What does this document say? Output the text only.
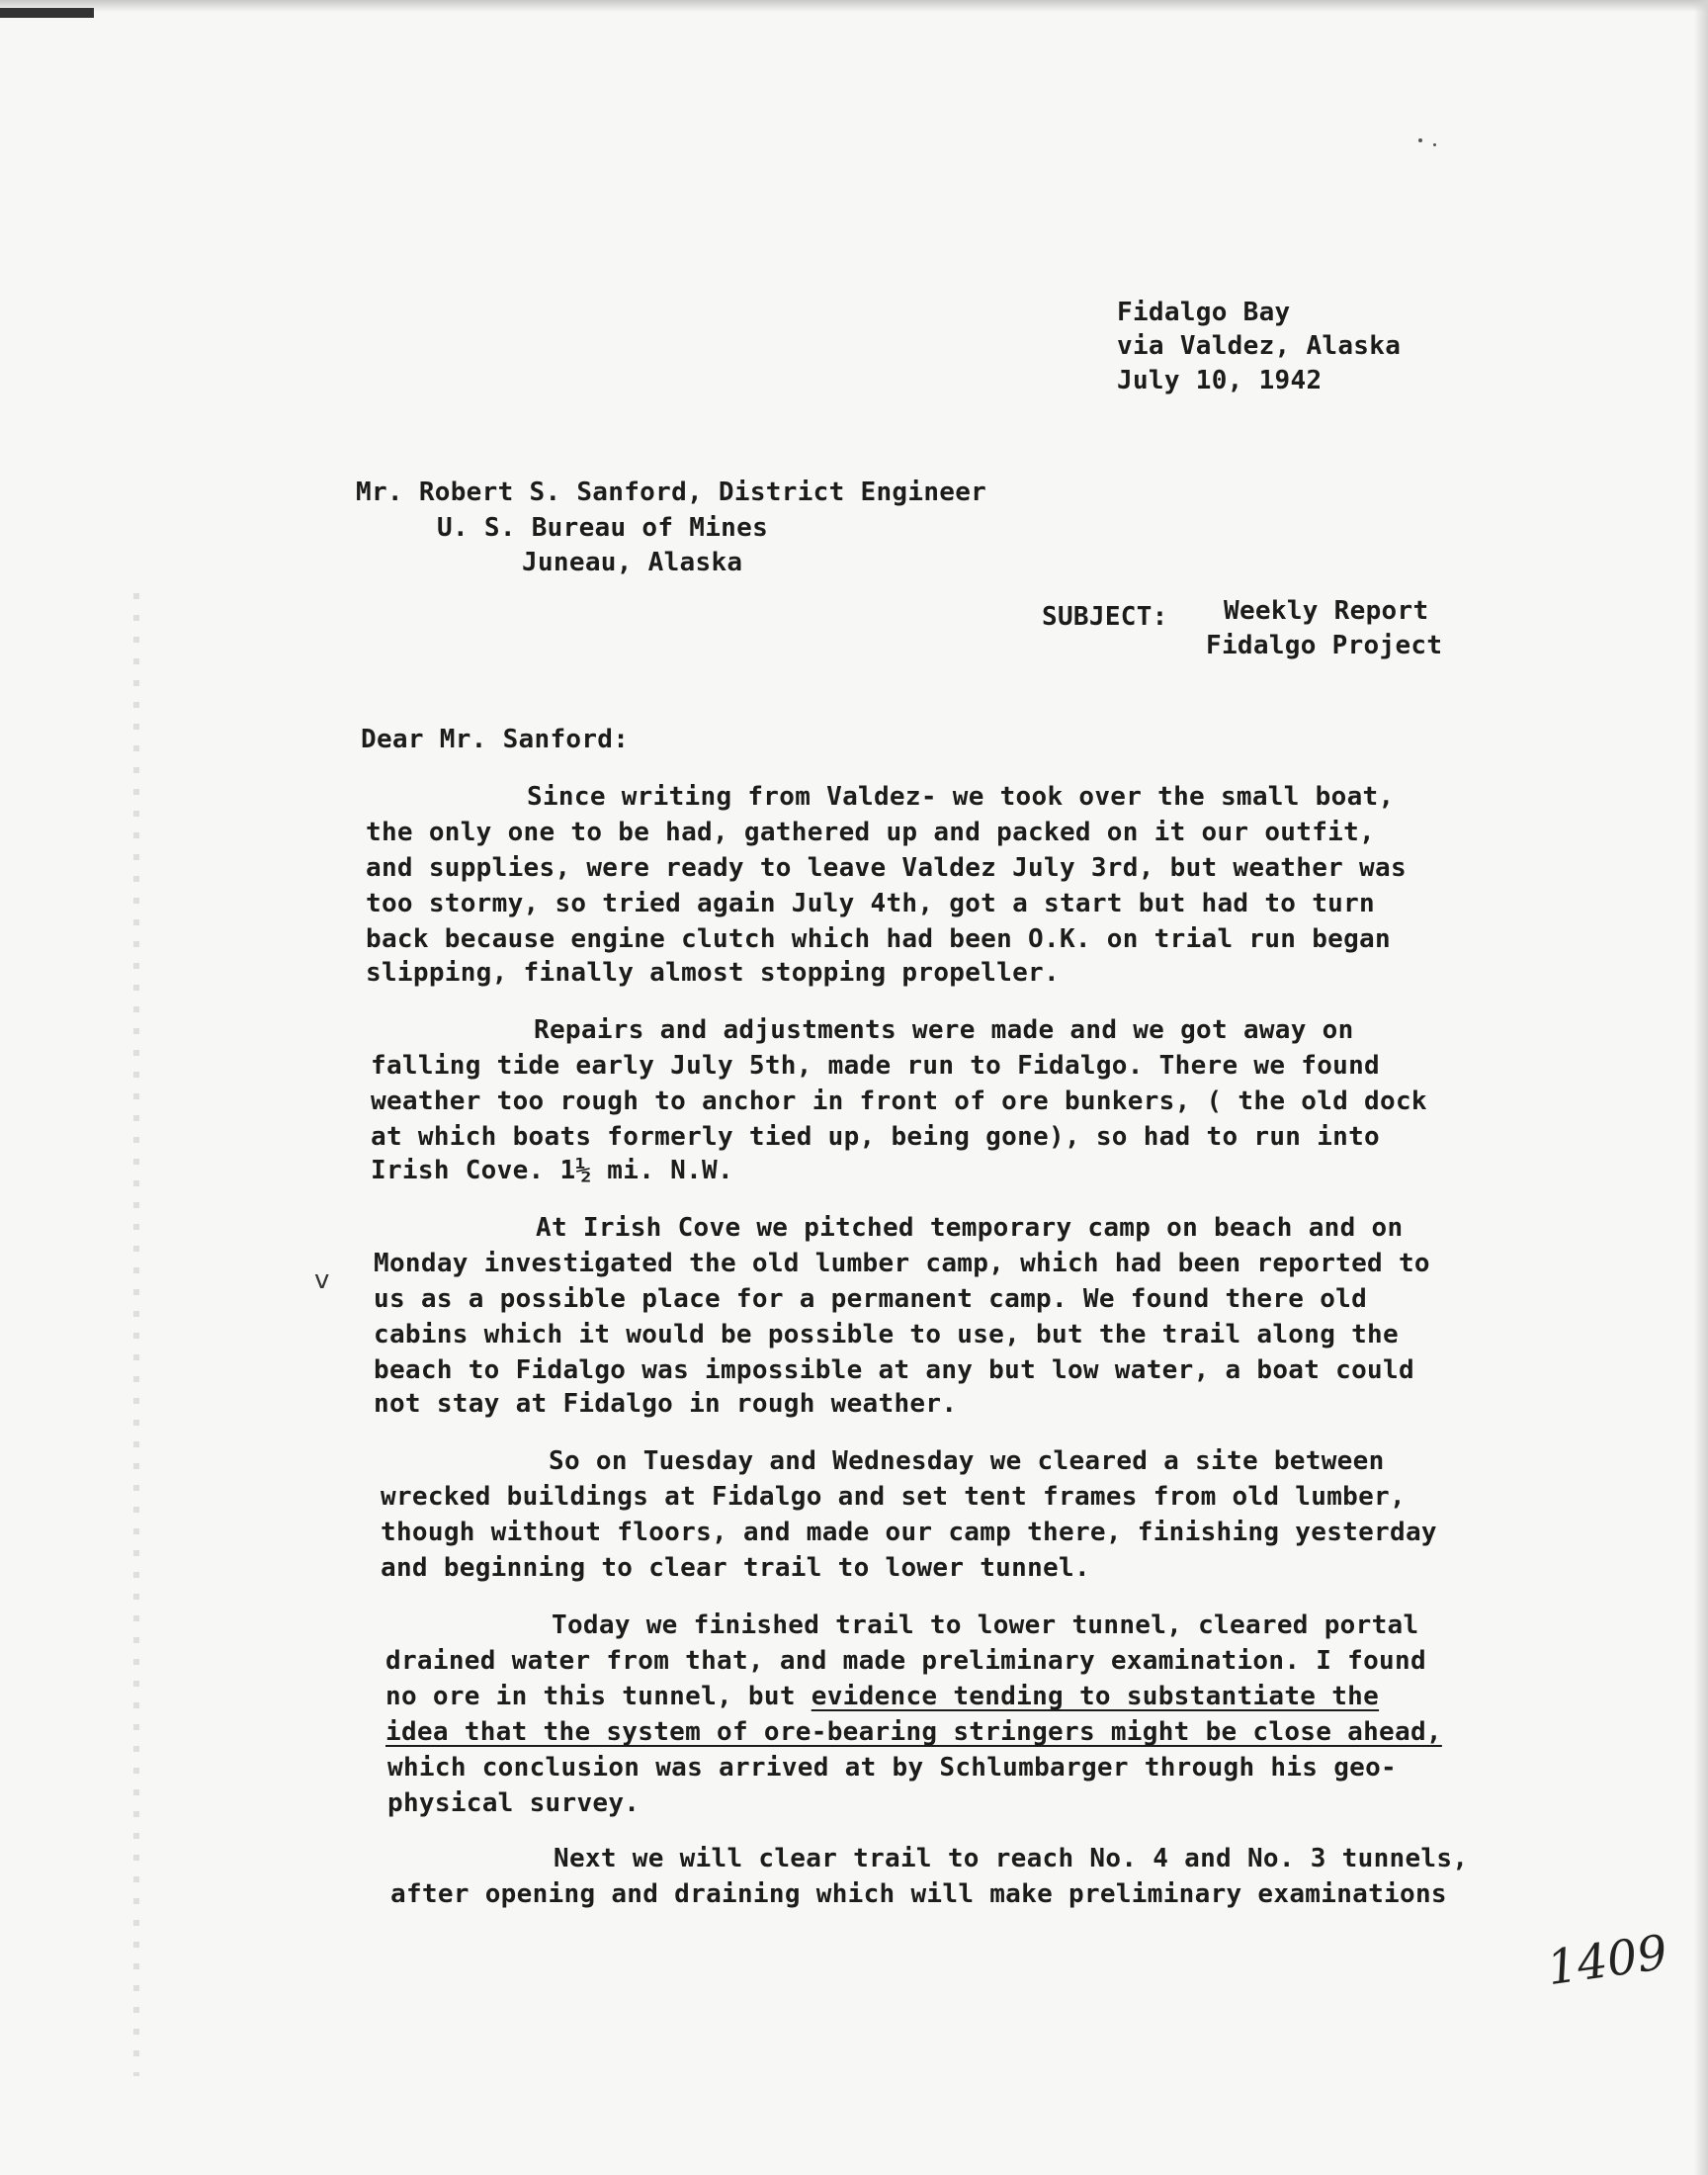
Fidalgo Bay
via Valdez, Alaska
July 10, 1942
Mr. Robert S. Sanford, District Engineer
U. S. Bureau of Mines
Juneau, Alaska
SUBJECT: Weekly Report
Fidalgo Project
Dear Mr. Sanford:
Since writing from Valdez- we took over the small boat,
the only one to be had, gathered up and packed on it our outfit,
and supplies, were ready to leave Valdez July 3rd, but weather was
too stormy, so tried again July 4th, got a start but had to turn
back because engine clutch which had been O.K. on trial run began
slipping, finally almost stopping propeller.
Repairs and adjustments were made and we got away on
falling tide early July 5th, made run to Fidalgo. There we found
weather too rough to anchor in front of ore bunkers, ( the old dock
at which boats formerly tied up, being gone), so had to run into
Irish Cove. 1½ mi. N.W.
At Irish Cove we pitched temporary camp on beach and on
Monday investigated the old lumber camp, which had been reported to
us as a possible place for a permanent camp. We found there old
cabins which it would be possible to use, but the trail along the
beach to Fidalgo was impossible at any but low water, a boat could
not stay at Fidalgo in rough weather.
v
So on Tuesday and Wednesday we cleared a site between
wrecked buildings at Fidalgo and set tent frames from old lumber,
though without floors, and made our camp there, finishing yesterday
and beginning to clear trail to lower tunnel.
Today we finished trail to lower tunnel, cleared portal
drained water from that, and made preliminary examination. I found
no ore in this tunnel, but evidence tending to substantiate the
idea that the system of ore-bearing stringers might be close ahead,
which conclusion was arrived at by Schlumbarger through his geo-
physical survey.
Next we will clear trail to reach No. 4 and No. 3 tunnels,
after opening and draining which will make preliminary examinations
1409
